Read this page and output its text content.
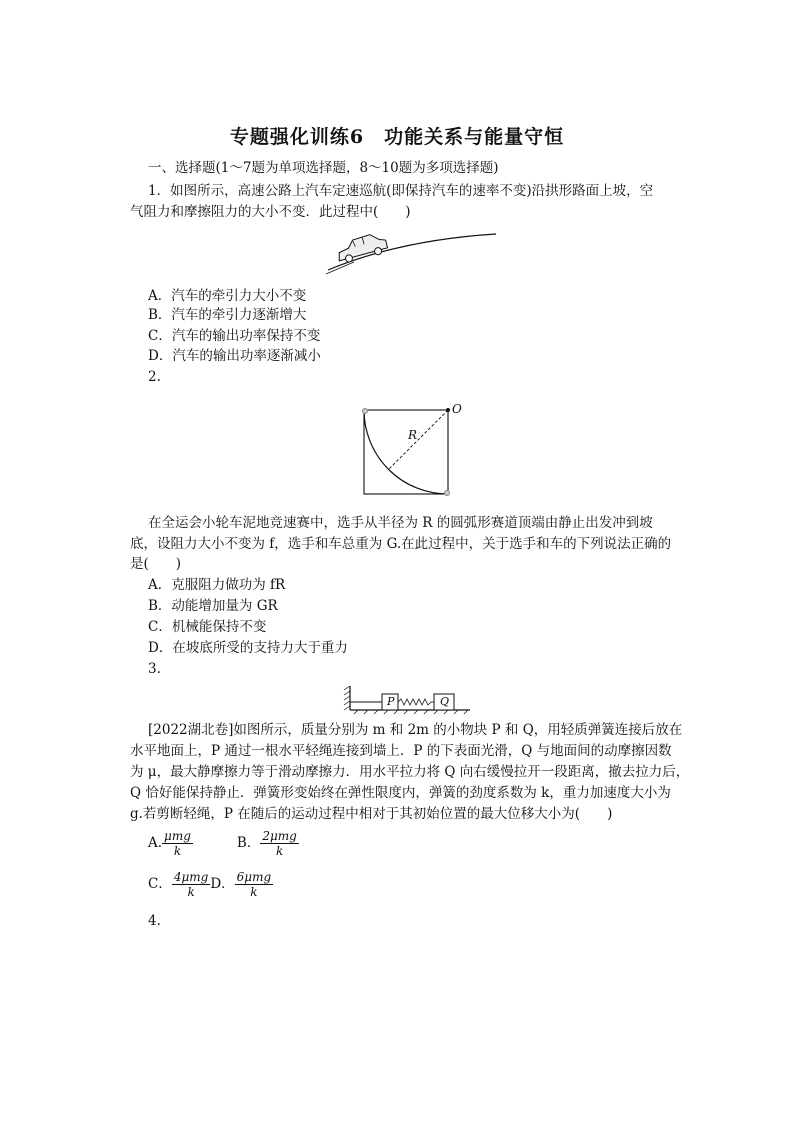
专题强化训练6　功能关系与能量守恒
一、选择题(1～7题为单项选择题，8～10题为多项选择题)
1．如图所示，高速公路上汽车定速巡航(即保持汽车的速率不变)沿拱形路面上坡，空
气阻力和摩擦阻力的大小不变．此过程中(　　)
A．汽车的牵引力大小不变
B．汽车的牵引力逐渐增大
C．汽车的输出功率保持不变
D．汽车的输出功率逐渐减小
2.
O
R
在全运会小轮车泥地竞速赛中，选手从半径为 R 的圆弧形赛道顶端由静止出发冲到坡
底，设阻力大小不变为 f，选手和车总重为 G.在此过程中，关于选手和车的下列说法正确的
是(　　)
A．克服阻力做功为 fR
B．动能增加量为 GR
C．机械能保持不变
D．在坡底所受的支持力大于重力
3.
P	Q
[2022湖北卷]如图所示，质量分别为 m 和 2m 的小物块 P 和 Q，用轻质弹簧连接后放在
水平地面上，P 通过一根水平轻绳连接到墙上．P 的下表面光滑，Q 与地面间的动摩擦因数
为 μ，最大静摩擦力等于滑动摩擦力．用水平拉力将 Q 向右缓慢拉开一段距离，撤去拉力后，
Q 恰好能保持静止．弹簧形变始终在弹性限度内，弹簧的劲度系数为 k，重力加速度大小为
g.若剪断轻绳，P 在随后的运动过程中相对于其初始位置的最大位移大小为(　　)
A. $\frac{\text{μmg}}{k}$	B． $\frac{\text{2μmg}}{k}$
C． $\frac{\text{4μmg}}{k}$ D． $\frac{\text{6μmg}}{k}$
4.
